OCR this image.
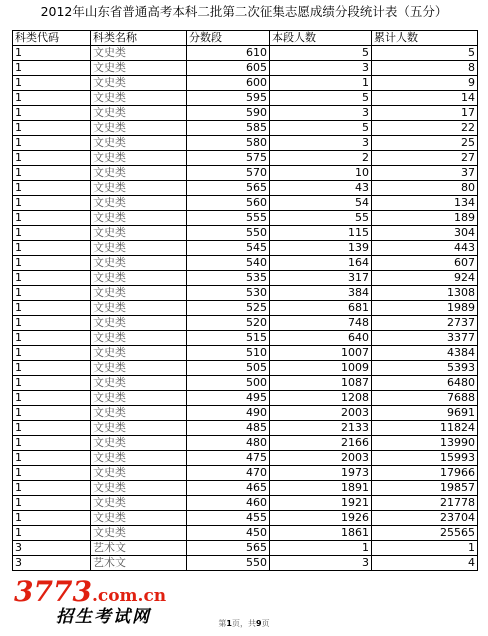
2012年山东省普通高考本科二批第二次征集志愿成绩分段统计表（五分）
科类代码	科类名称	分数段	本段人数	累计人数
1	文史类	610	5	5
1	文史类	605	3	8
1	文史类	600	1	9
1	文史类	595	5	14
1	文史类	590	3	17
1	文史类	585	5	22
1	文史类	580	3	25
1	文史类	575	2	27
1	文史类	570	10	37
1	文史类	565	43	80
1	文史类	560	54	134
1	文史类	555	55	189
1	文史类	550	115	304
1	文史类	545	139	443
1	文史类	540	164	607
1	文史类	535	317	924
1	文史类	530	384	1308
1	文史类	525	681	1989
1	文史类	520	748	2737
1	文史类	515	640	3377
1	文史类	510	1007	4384
1	文史类	505	1009	5393
1	文史类	500	1087	6480
1	文史类	495	1208	7688
1	文史类	490	2003	9691
1	文史类	485	2133	11824
1	文史类	480	2166	13990
1	文史类	475	2003	15993
1	文史类	470	1973	17966
1	文史类	465	1891	19857
1	文史类	460	1921	21778
1	文史类	455	1926	23704
1	文史类	450	1861	25565
3	艺术文	565	1	1
3	艺术文	550	3	4
3773.com.cn
招生考试网	第1页，共9页
